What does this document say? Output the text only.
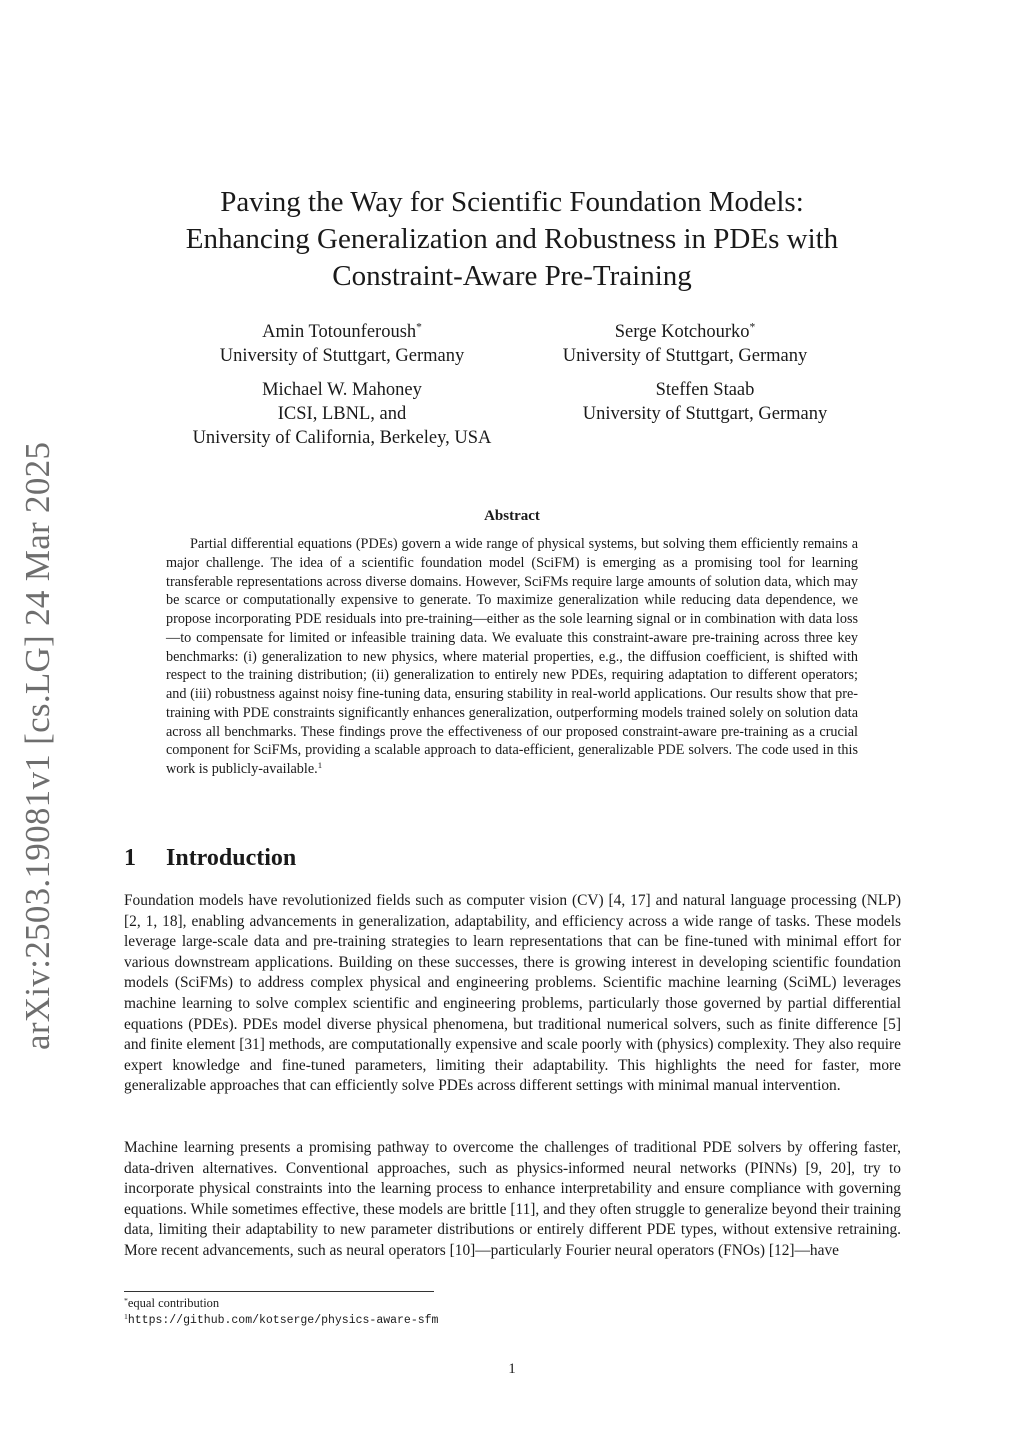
arXiv:2503.19081v1 [cs.LG] 24 Mar 2025
Paving the Way for Scientific Foundation Models:
Enhancing Generalization and Robustness in PDEs with
Constraint-Aware Pre-Training
Amin Totounferoush*
University of Stuttgart, Germany
Serge Kotchourko*
University of Stuttgart, Germany
Michael W. Mahoney
ICSI, LBNL, and
University of California, Berkeley, USA
Steffen Staab
University of Stuttgart, Germany
Abstract

Partial differential equations (PDEs) govern a wide range of physical systems, but solving them efficiently remains a major challenge. The idea of a scientific foundation model (SciFM) is emerging as a promising tool for learning transferable representations across diverse domains. However, SciFMs require large amounts of solution data, which may be scarce or computationally expensive to generate. To maximize generalization while reducing data dependence, we propose incorporating PDE residuals into pre-training—either as the sole learning signal or in combination with data loss—to compensate for limited or infeasible training data. We evaluate this constraint-aware pre-training across three key benchmarks: (i) generalization to new physics, where material properties, e.g., the diffusion coefficient, is shifted with respect to the training distribution; (ii) generalization to entirely new PDEs, requiring adaptation to different operators; and (iii) robustness against noisy fine-tuning data, ensuring stability in real-world applications. Our results show that pre-training with PDE constraints significantly enhances generalization, outperforming models trained solely on solution data across all benchmarks. These findings prove the effectiveness of our proposed constraint-aware pre-training as a crucial component for SciFMs, providing a scalable approach to data-efficient, generalizable PDE solvers. The code used in this work is publicly-available.$^1$

1 Introduction

Foundation models have revolutionized fields such as computer vision (CV) [4, 17] and natural language processing (NLP) [2, 1, 18], enabling advancements in generalization, adaptability, and efficiency across a wide range of tasks. These models leverage large-scale data and pre-training strategies to learn representations that can be fine-tuned with minimal effort for various downstream applications. Building on these successes, there is growing interest in developing scientific foundation models (SciFMs) to address complex physical and engineering problems. Scientific machine learning (SciML) leverages machine learning to solve complex scientific and engineering problems, particularly those governed by partial differential equations (PDEs). PDEs model diverse physical phenomena, but traditional numerical solvers, such as finite difference [5] and finite element [31] methods, are computationally expensive and scale poorly with (physics) complexity. They also require expert knowledge and fine-tuned parameters, limiting their adaptability. This highlights the need for faster, more generalizable approaches that can efficiently solve PDEs across different settings with minimal manual intervention.

Machine learning presents a promising pathway to overcome the challenges of traditional PDE solvers by offering faster, data-driven alternatives. Conventional approaches, such as physics-informed neural networks (PINNs) [9, 20], try to incorporate physical constraints into the learning process to enhance interpretability and ensure compliance with governing equations. While sometimes effective, these models are brittle [11], and they often struggle to generalize beyond their training data, limiting their adaptability to new parameter distributions or entirely different PDE types, without extensive retraining. More recent advancements, such as neural operators [10]—particularly Fourier neural operators (FNOs) [12]—have

*equal contribution
$^1$https://github.com/kotserge/physics-aware-sfm
1
